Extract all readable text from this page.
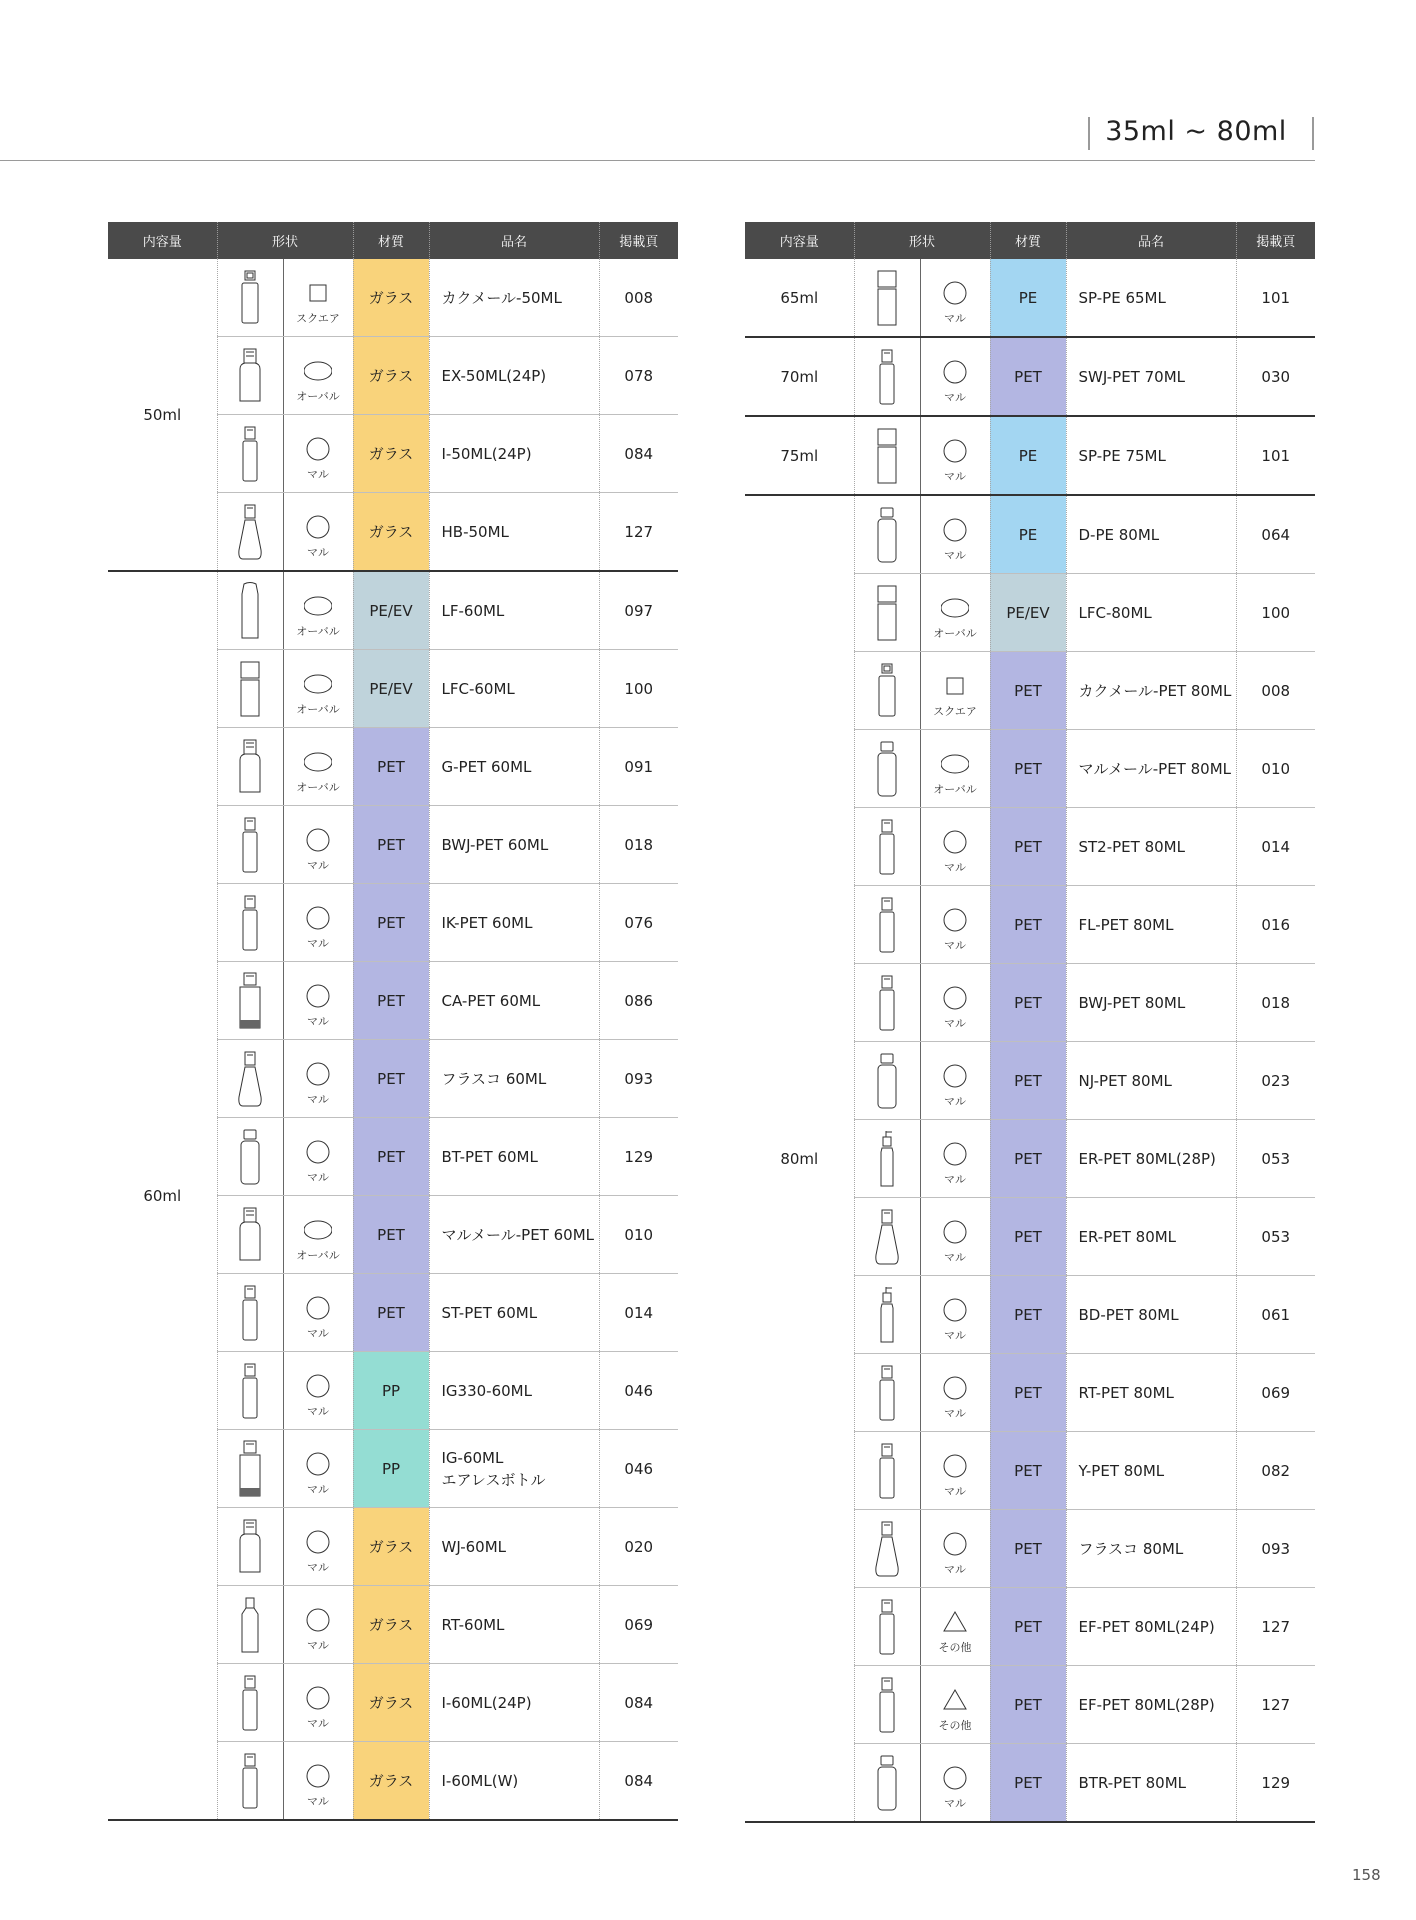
35ml ~ 80ml
内容量	形状	材質	品名	掲載頁
50ml	スクエア	ガラス	カクメール-50ML	008

	オーバル	ガラス	EX-50ML(24P)	078

	マル	ガラス	I-50ML(24P)	084

	マル	ガラス	HB-50ML	127
60ml	オーバル	PE/EV	LF-60ML	097

	オーバル	PE/EV	LFC-60ML	100

	オーバル	PET	G-PET 60ML	091

	マル	PET	BWJ-PET 60ML	018

	マル	PET	IK-PET 60ML	076

	マル	PET	CA-PET 60ML	086

	マル	PET	フラスコ 60ML	093

	マル	PET	BT-PET 60ML	129

	オーバル	PET	マルメール-PET 60ML	010

	マル	PET	ST-PET 60ML	014

	マル	PP	IG330-60ML	046

	マル	PP	IG-60ML
エアレスボトル	046

	マル	ガラス	WJ-60ML	020

	マル	ガラス	RT-60ML	069

	マル	ガラス	I-60ML(24P)	084

	マル	ガラス	I-60ML(W)	084
内容量	形状	材質	品名	掲載頁
65ml	マル	PE	SP-PE 65ML	101
70ml	マル	PET	SWJ-PET 70ML	030
75ml	マル	PE	SP-PE 75ML	101
80ml	マル	PE	D-PE 80ML	064

	オーバル	PE/EV	LFC-80ML	100

	スクエア	PET	カクメール-PET 80ML	008

	オーバル	PET	マルメール-PET 80ML	010

	マル	PET	ST2-PET 80ML	014

	マル	PET	FL-PET 80ML	016

	マル	PET	BWJ-PET 80ML	018

	マル	PET	NJ-PET 80ML	023

	マル	PET	ER-PET 80ML(28P)	053

	マル	PET	ER-PET 80ML	053

	マル	PET	BD-PET 80ML	061

	マル	PET	RT-PET 80ML	069

	マル	PET	Y-PET 80ML	082

	マル	PET	フラスコ 80ML	093

	その他	PET	EF-PET 80ML(24P)	127

	その他	PET	EF-PET 80ML(28P)	127

	マル	PET	BTR-PET 80ML	129
158
